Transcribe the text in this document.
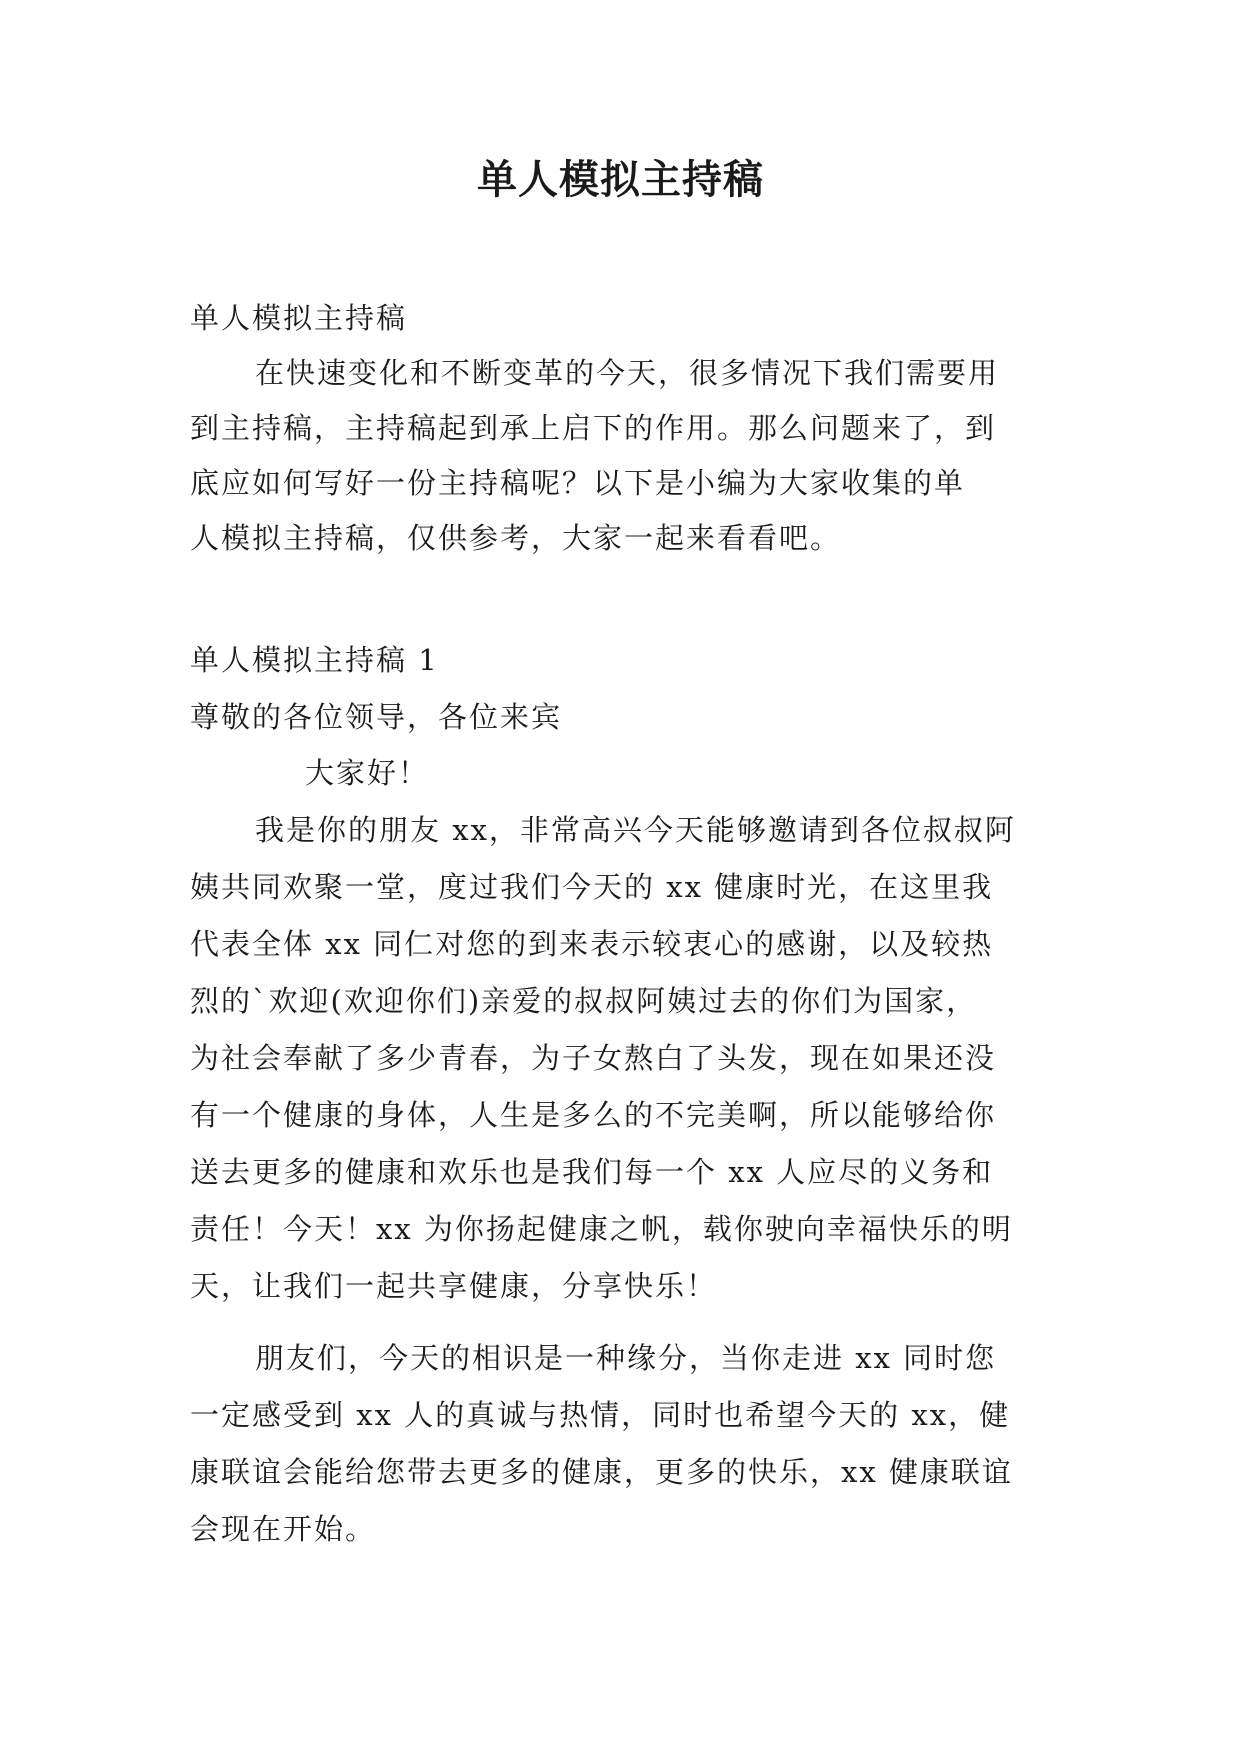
单人模拟主持稿

单人模拟主持稿

在快速变化和不断变革的今天，很多情况下我们需要用

到主持稿，主持稿起到承上启下的作用。那么问题来了，到

底应如何写好一份主持稿呢？以下是小编为大家收集的单

人模拟主持稿，仅供参考，大家一起来看看吧。

单人模拟主持稿 1

尊敬的各位领导，各位来宾

大家好！

我是你的朋友 xx，非常高兴今天能够邀请到各位叔叔阿

姨共同欢聚一堂，度过我们今天的 xx 健康时光，在这里我

代表全体 xx 同仁对您的到来表示较衷心的感谢，以及较热

烈的`欢迎(欢迎你们)亲爱的叔叔阿姨过去的你们为国家，

为社会奉献了多少青春，为子女熬白了头发，现在如果还没

有一个健康的身体，人生是多么的不完美啊，所以能够给你

送去更多的健康和欢乐也是我们每一个 xx 人应尽的义务和

责任！今天！xx 为你扬起健康之帆，载你驶向幸福快乐的明

天，让我们一起共享健康，分享快乐！

朋友们，今天的相识是一种缘分，当你走进 xx 同时您

一定感受到 xx 人的真诚与热情，同时也希望今天的 xx，健

康联谊会能给您带去更多的健康，更多的快乐，xx 健康联谊

会现在开始。
